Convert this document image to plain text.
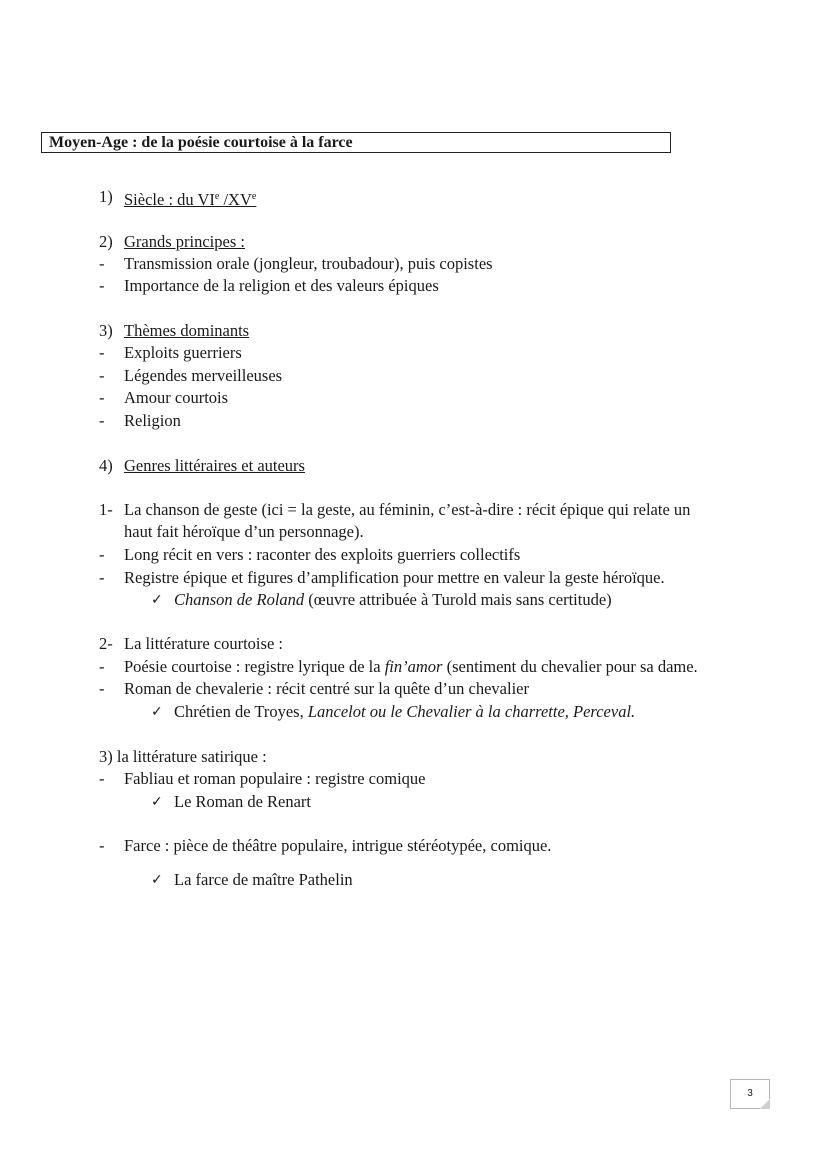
Moyen-Age : de la poésie courtoise à la farce
1) Siècle : du VIe /XVe
2) Grands principes :
- Transmission orale (jongleur, troubadour), puis copistes
- Importance de la religion et des valeurs épiques
3) Thèmes dominants
- Exploits guerriers
- Légendes merveilleuses
- Amour courtois
- Religion
4) Genres littéraires et auteurs
1- La chanson de geste (ici = la geste, au féminin, c’est-à-dire : récit épique qui relate un
haut fait héroïque d’un personnage).
- Long récit en vers : raconter des exploits guerriers collectifs
- Registre épique et figures d’amplification pour mettre en valeur la geste héroïque.
✓ Chanson de Roland (œuvre attribuée à Turold mais sans certitude)
2- La littérature courtoise :
- Poésie courtoise : registre lyrique de la fin’amor (sentiment du chevalier pour sa dame.
- Roman de chevalerie : récit centré sur la quête d’un chevalier
✓ Chrétien de Troyes, Lancelot ou le Chevalier à la charrette, Perceval.
3) la littérature satirique :
- Fabliau et roman populaire : registre comique
✓ Le Roman de Renart
- Farce : pièce de théâtre populaire, intrigue stéréotypée, comique.
✓ La farce de maître Pathelin
3
